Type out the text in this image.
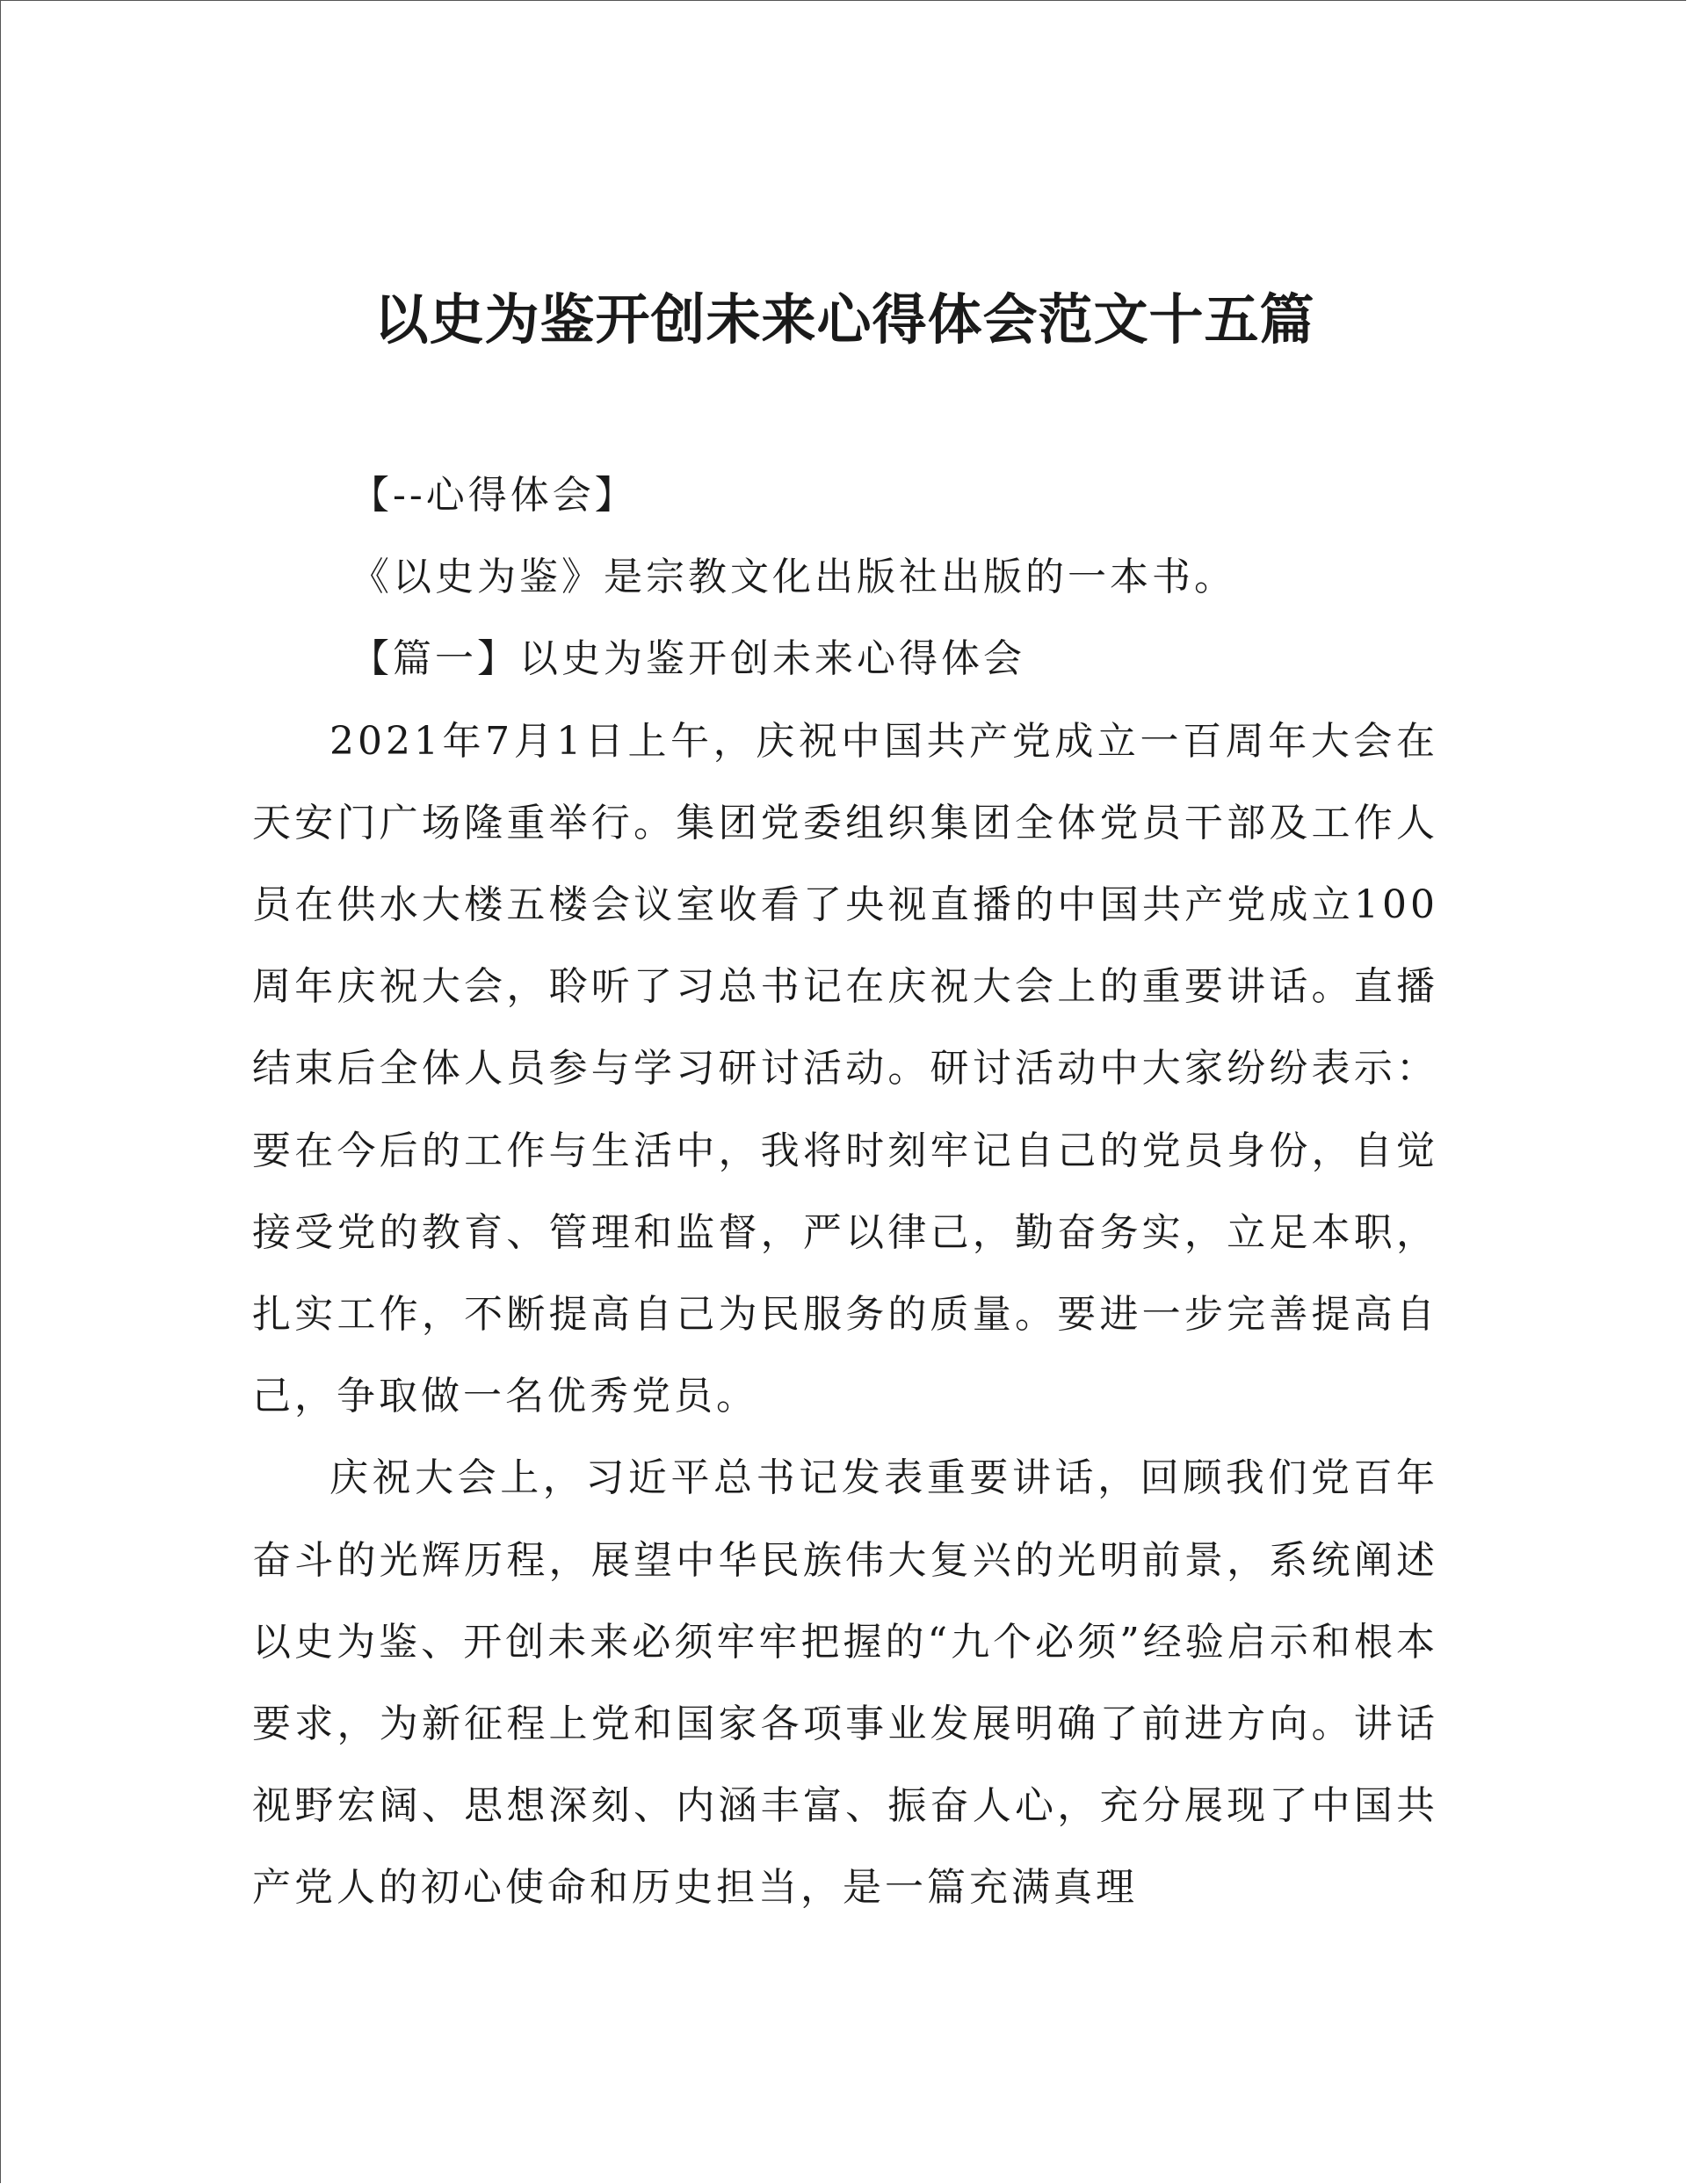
以史为鉴开创未来心得体会范文十五篇

【--心得体会】

《以史为鉴》是宗教文化出版社出版的一本书。

【篇一】以史为鉴开创未来心得体会

2021年7月1日上午，庆祝中国共产党成立一百周年大会在天安门广场隆重举行。集团党委组织集团全体党员干部及工作人员在供水大楼五楼会议室收看了央视直播的中国共产党成立100周年庆祝大会，聆听了习总书记在庆祝大会上的重要讲话。直播结束后全体人员参与学习研讨活动。研讨活动中大家纷纷表示：要在今后的工作与生活中，我将时刻牢记自己的党员身份，自觉接受党的教育、管理和监督，严以律己，勤奋务实，立足本职，扎实工作，不断提高自己为民服务的质量。要进一步完善提高自己，争取做一名优秀党员。

庆祝大会上，习近平总书记发表重要讲话，回顾我们党百年奋斗的光辉历程，展望中华民族伟大复兴的光明前景，系统阐述以史为鉴、开创未来必须牢牢把握的“九个必须”经验启示和根本要求，为新征程上党和国家各项事业发展明确了前进方向。讲话视野宏阔、思想深刻、内涵丰富、振奋人心，充分展现了中国共产党人的初心使命和历史担当，是一篇充满真理
